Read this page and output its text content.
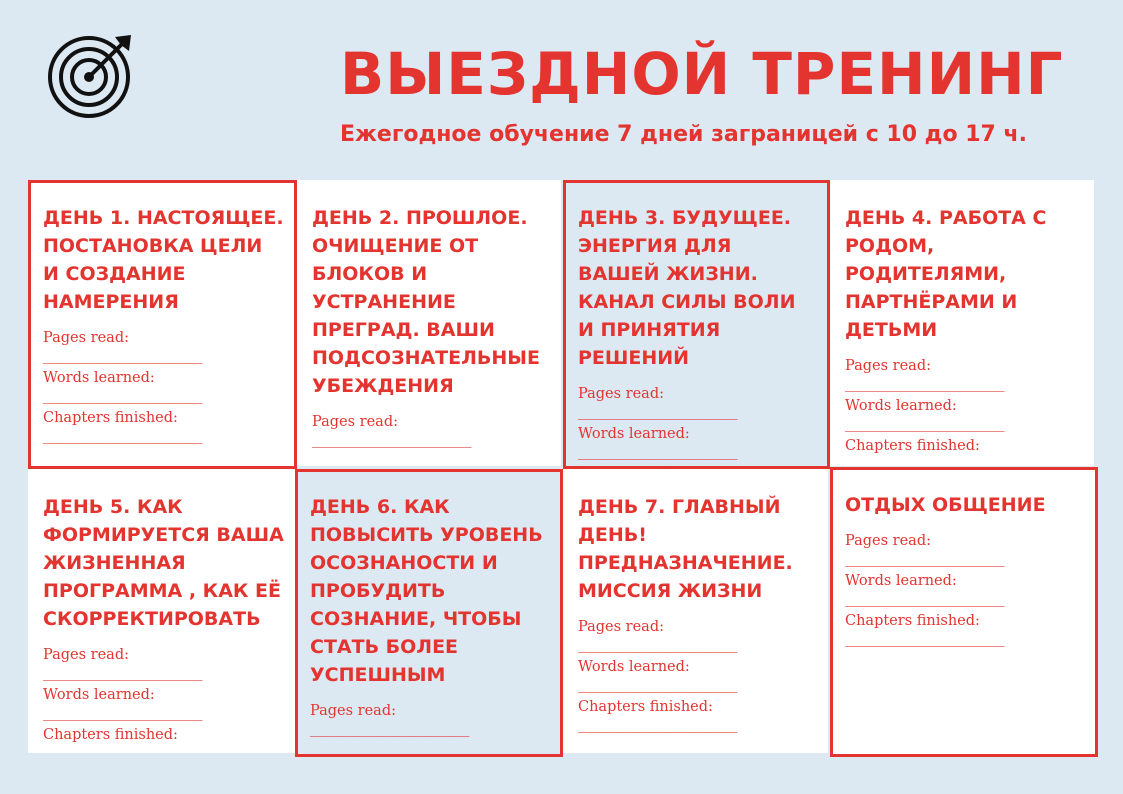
ВЫЕЗДНОЙ ТРЕНИНГ
Ежегодное обучение 7 дней заграницей с 10 до 17 ч.
ДЕНЬ 1. НАСТОЯЩЕЕ. ПОСТАНОВКА ЦЕЛИ И СОЗДАНИЕ НАМЕРЕНИЯ
Pages read:
______________________
Words learned:
______________________
Chapters finished:
______________________
ДЕНЬ 2. ПРОШЛОЕ. ОЧИЩЕНИЕ ОТ БЛОКОВ И УСТРАНЕНИЕ ПРЕГРАД. ВАШИ ПОДСОЗНАТЕЛЬНЫЕ УБЕЖДЕНИЯ
Pages read:
______________________
ДЕНЬ 3. БУДУЩЕЕ. ЭНЕРГИЯ ДЛЯ ВАШЕЙ ЖИЗНИ. КАНАЛ СИЛЫ ВОЛИ И ПРИНЯТИЯ РЕШЕНИЙ
Pages read:
______________________
Words learned:
______________________
ДЕНЬ 4. РАБОТА С РОДОМ, РОДИТЕЛЯМИ, ПАРТНЁРАМИ И ДЕТЬМИ
Pages read:
______________________
Words learned:
______________________
Chapters finished:
ДЕНЬ 5. КАК ФОРМИРУЕТСЯ ВАША ЖИЗНЕННАЯ ПРОГРАММА , КАК ЕЁ СКОРРЕКТИРОВАТЬ
Pages read:
______________________
Words learned:
______________________
Chapters finished:
ДЕНЬ 6. КАК ПОВЫСИТЬ УРОВЕНЬ ОСОЗНАНОСТИ И ПРОБУДИТЬ СОЗНАНИЕ, ЧТОБЫ СТАТЬ БОЛЕЕ УСПЕШНЫМ
Pages read:
______________________
ДЕНЬ 7. ГЛАВНЫЙ ДЕНЬ! ПРЕДНАЗНАЧЕНИЕ. МИССИЯ ЖИЗНИ
Pages read:
______________________
Words learned:
______________________
Chapters finished:
______________________
ОТДЫХ ОБЩЕНИЕ
Pages read:
______________________
Words learned:
______________________
Chapters finished:
______________________
